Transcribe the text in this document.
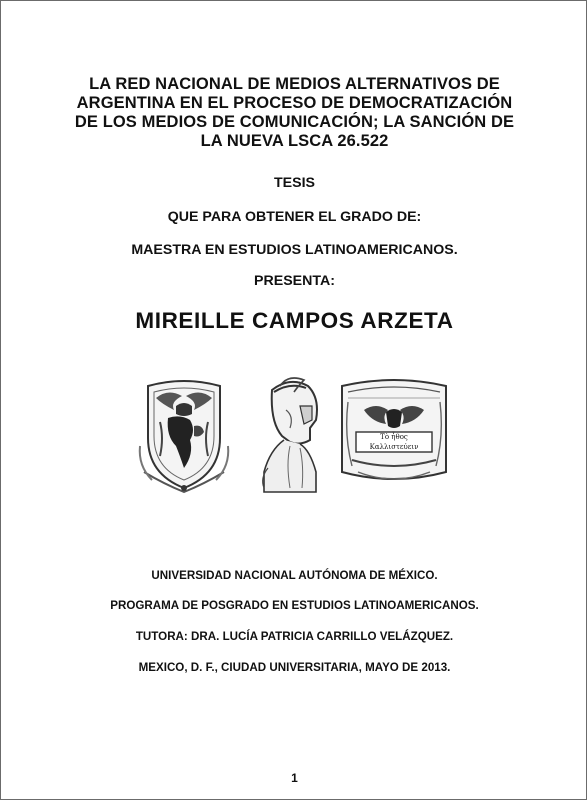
LA RED NACIONAL DE MEDIOS ALTERNATIVOS DE
ARGENTINA EN EL PROCESO DE DEMOCRATIZACIÓN
DE LOS MEDIOS DE COMUNICACIÓN; LA SANCIÓN DE
LA NUEVA LSCA 26.522
TESIS
QUE PARA OBTENER EL GRADO DE:
MAESTRA EN ESTUDIOS LATINOAMERICANOS.
PRESENTA:
MIREILLE CAMPOS ARZETA
Τὸ ἦθος
Καλλιστεύειν
UNIVERSIDAD NACIONAL AUTÓNOMA DE MÉXICO.
PROGRAMA DE POSGRADO EN ESTUDIOS LATINOAMERICANOS.
TUTORA: DRA. LUCÍA PATRICIA CARRILLO VELÁZQUEZ.
MEXICO, D. F., CIUDAD UNIVERSITARIA, MAYO DE 2013.
1
